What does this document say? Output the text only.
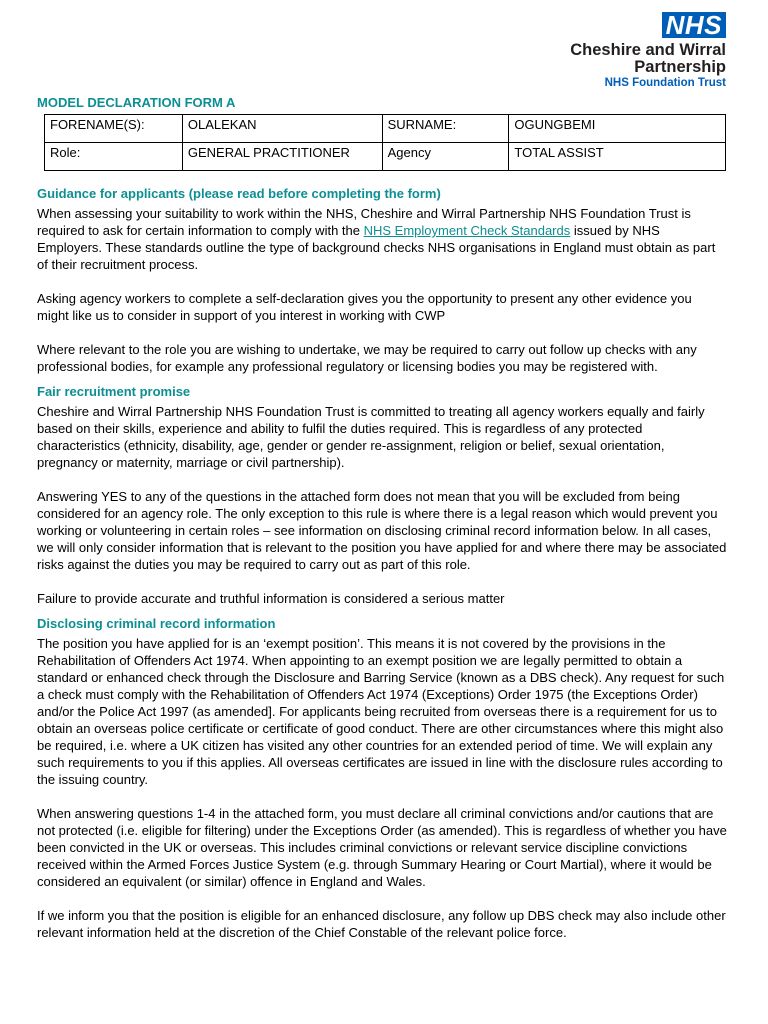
NHS
Cheshire and Wirral
Partnership
NHS Foundation Trust
MODEL DECLARATION FORM A
FORENAME(S):	OLALEKAN	SURNAME:	OGUNGBEMI
Role:	GENERAL PRACTITIONER	Agency	TOTAL ASSIST
Guidance for applicants (please read before completing the form)

When assessing your suitability to work within the NHS, Cheshire and Wirral Partnership NHS Foundation Trust is required to ask for certain information to comply with the NHS Employment Check Standards issued by NHS Employers. These standards outline the type of background checks NHS organisations in England must obtain as part of their recruitment process.

Asking agency workers to complete a self-declaration gives you the opportunity to present any other evidence you might like us to consider in support of you interest in working with CWP

Where relevant to the role you are wishing to undertake, we may be required to carry out follow up checks with any professional bodies, for example any professional regulatory or licensing bodies you may be registered with.

Fair recruitment promise

Cheshire and Wirral Partnership NHS Foundation Trust is committed to treating all agency workers equally and fairly based on their skills, experience and ability to fulfil the duties required. This is regardless of any protected characteristics (ethnicity, disability, age, gender or gender re-assignment, religion or belief, sexual orientation, pregnancy or maternity, marriage or civil partnership).

Answering YES to any of the questions in the attached form does not mean that you will be excluded from being considered for an agency role. The only exception to this rule is where there is a legal reason which would prevent you working or volunteering in certain roles – see information on disclosing criminal record information below. In all cases, we will only consider information that is relevant to the position you have applied for and where there may be associated risks against the duties you may be required to carry out as part of this role.

Failure to provide accurate and truthful information is considered a serious matter

Disclosing criminal record information

The position you have applied for is an ‘exempt position’. This means it is not covered by the provisions in the Rehabilitation of Offenders Act 1974. When appointing to an exempt position we are legally permitted to obtain a standard or enhanced check through the Disclosure and Barring Service (known as a DBS check). Any request for such a check must comply with the Rehabilitation of Offenders Act 1974 (Exceptions) Order 1975 (the Exceptions Order) and/or the Police Act 1997 (as amended]. For applicants being recruited from overseas there is a requirement for us to obtain an overseas police certificate or certificate of good conduct. There are other circumstances where this might also be required, i.e. where a UK citizen has visited any other countries for an extended period of time. We will explain any such requirements to you if this applies. All overseas certificates are issued in line with the disclosure rules according to the issuing country.

When answering questions 1-4 in the attached form, you must declare all criminal convictions and/or cautions that are not protected (i.e. eligible for filtering) under the Exceptions Order (as amended). This is regardless of whether you have been convicted in the UK or overseas. This includes criminal convictions or relevant service discipline convictions received within the Armed Forces Justice System (e.g. through Summary Hearing or Court Martial), where it would be considered an equivalent (or similar) offence in England and Wales.

If we inform you that the position is eligible for an enhanced disclosure, any follow up DBS check may also include other relevant information held at the discretion of the Chief Constable of the relevant police force.
